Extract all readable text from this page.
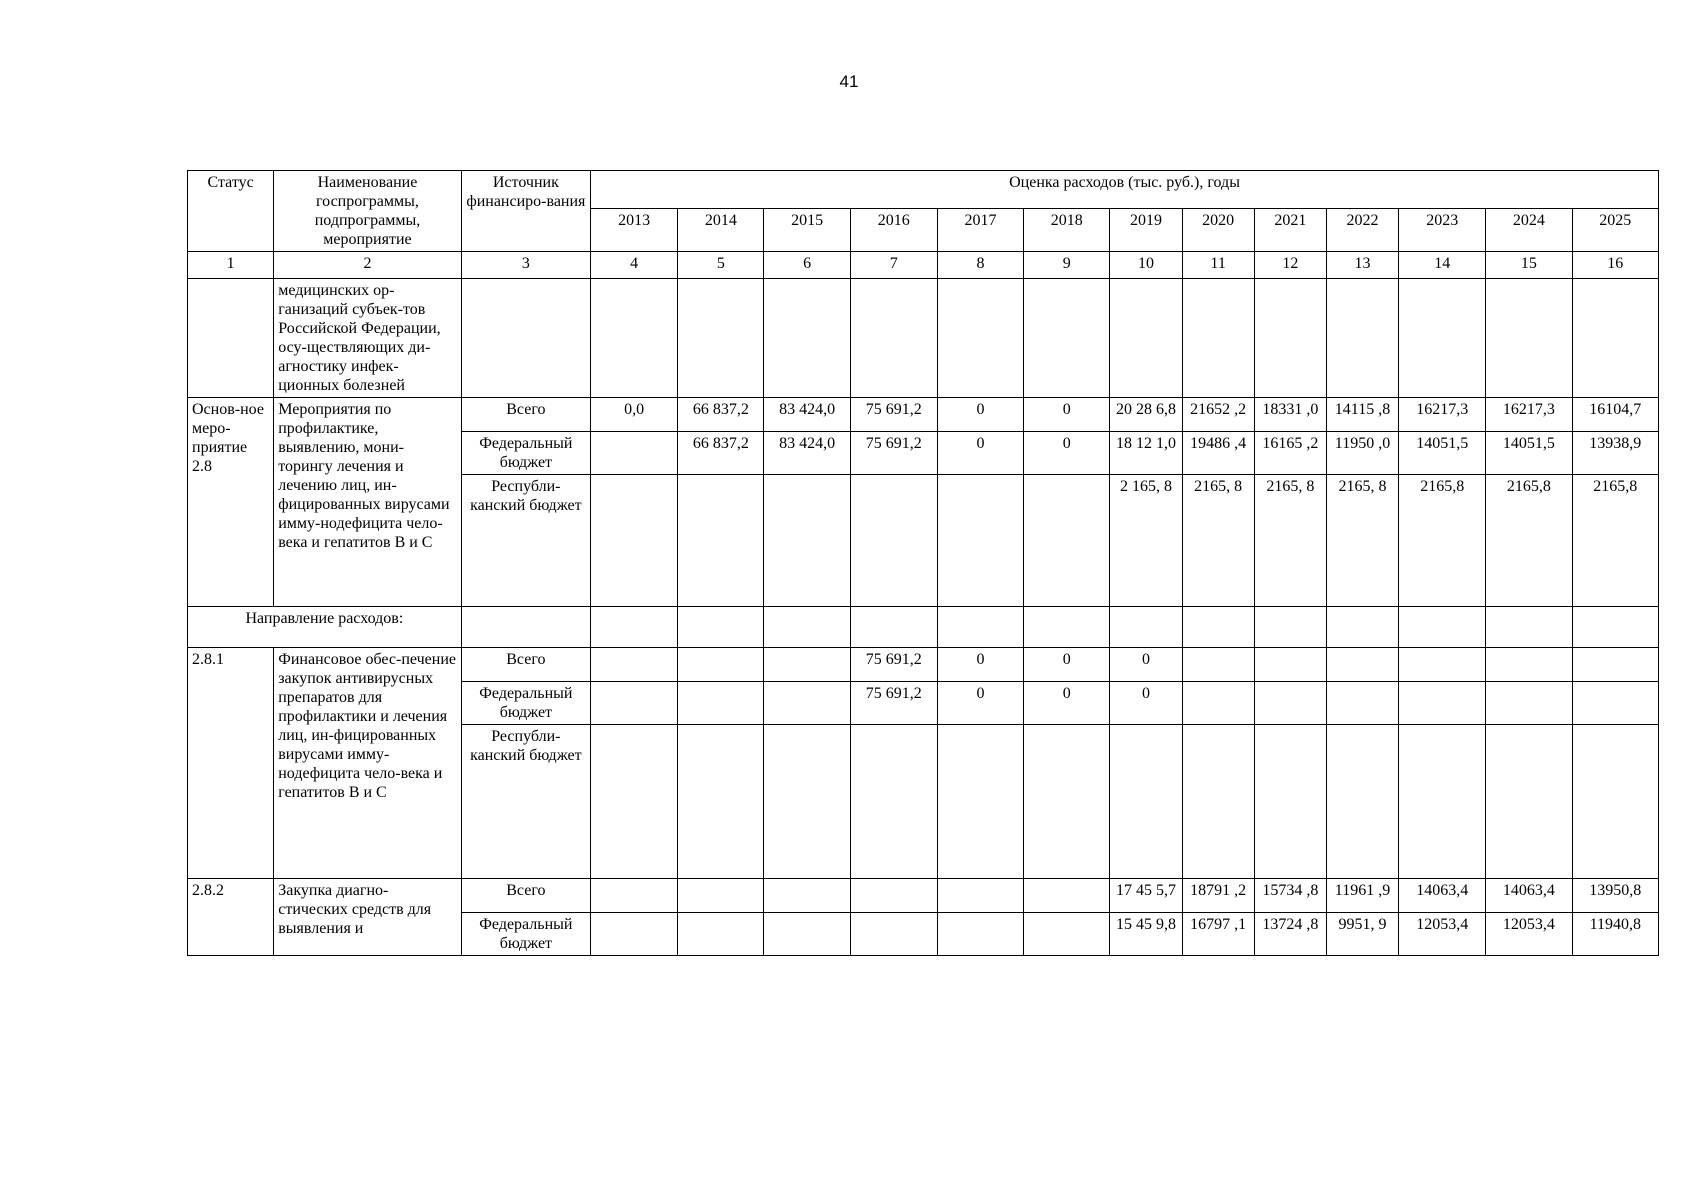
41
Статус	Наименование госпрограммы, подпрограммы, мероприятие	Источник финансиро-вания	Оценка расходов (тыс. руб.), годы												
			2013	2014	2015	2016	2017	2018	2019	2020	2021	2022	2023	2024	2025
1	2	3	4	5	6	7	8	9	10	11	12	13	14	15	16
	медицинских ор-ганизаций субъек-тов Российской Федерации, осу-ществляющих ди-агностику инфек-ционных болезней														
Основ-ное меро-приятие 2.8	Мероприятия по профилактике, выявлению, мони-торингу лечения и лечению лиц, ин-фицированных вирусами имму-нодефицита чело-века и гепатитов В и С	Всего	0,0	66 837,2	83 424,0	75 691,2	0	0	20 28 6,8	21652 ,2	18331 ,0	14115 ,8	16217,3	16217,3	16104,7
		Федеральный бюджет		66 837,2	83 424,0	75 691,2	0	0	18 12 1,0	19486 ,4	16165 ,2	11950 ,0	14051,5	14051,5	13938,9
		Республи-канский бюджет							2 165, 8	2165, 8	2165, 8	2165, 8	2165,8	2165,8	2165,8
Направление расходов:															
2.8.1	Финансовое обес-печение закупок антивирусных препаратов для профилактики и лечения лиц, ин-фицированных вирусами имму-нодефицита чело-века и гепатитов В и С	Всего				75 691,2	0	0	0						
		Федеральный бюджет				75 691,2	0	0	0						
		Республи-канский бюджет													
2.8.2	Закупка диагно-стических средств для выявления и	Всего							17 45 5,7	18791 ,2	15734 ,8	11961 ,9	14063,4	14063,4	13950,8
		Федеральный бюджет							15 45 9,8	16797 ,1	13724 ,8	9951, 9	12053,4	12053,4	11940,8
